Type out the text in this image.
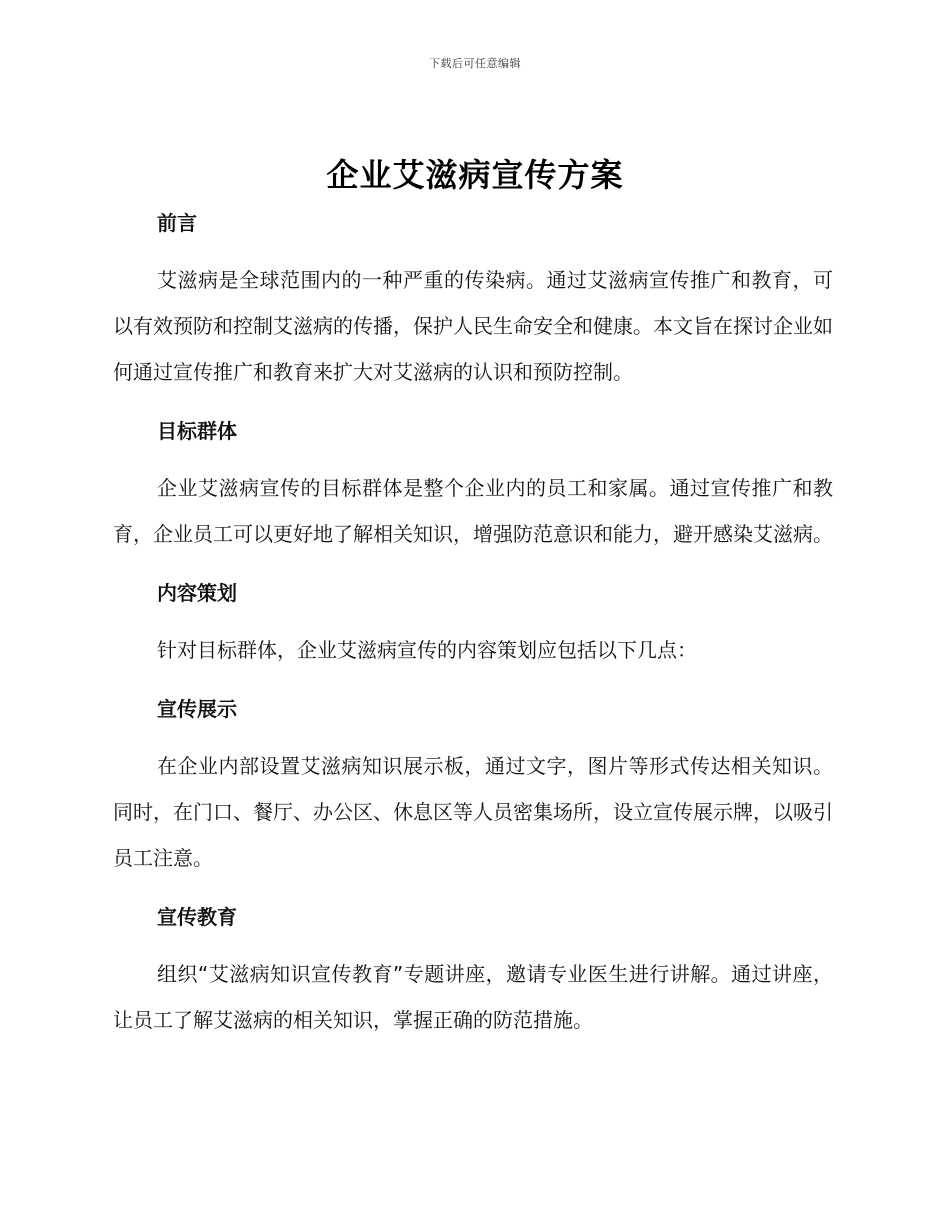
下载后可任意编辑
企业艾滋病宣传方案

前言

艾滋病是全球范围内的一种严重的传染病。通过艾滋病宣传推广和教育，可以有效预防和控制艾滋病的传播，保护人民生命安全和健康。本文旨在探讨企业如何通过宣传推广和教育来扩大对艾滋病的认识和预防控制。

目标群体

企业艾滋病宣传的目标群体是整个企业内的员工和家属。通过宣传推广和教育，企业员工可以更好地了解相关知识，增强防范意识和能力，避开感染艾滋病。

内容策划

针对目标群体，企业艾滋病宣传的内容策划应包括以下几点：

宣传展示

在企业内部设置艾滋病知识展示板，通过文字，图片等形式传达相关知识。同时，在门口、餐厅、办公区、休息区等人员密集场所，设立宣传展示牌，以吸引员工注意。

宣传教育

组织“艾滋病知识宣传教育”专题讲座，邀请专业医生进行讲解。通过讲座，让员工了解艾滋病的相关知识，掌握正确的防范措施。
